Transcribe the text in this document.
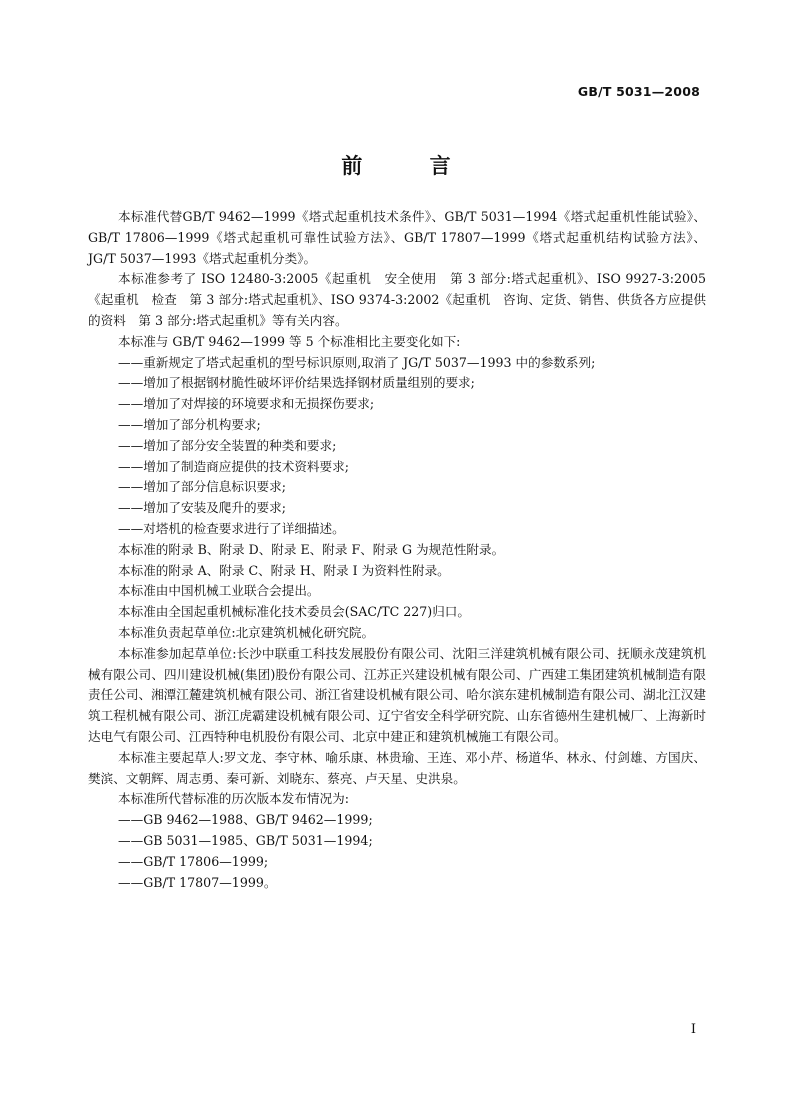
GB/T 5031—2008
前 言

本标准代替GB/T 9462—1999《塔式起重机技术条件》、GB/T 5031—1994《塔式起重机性能试验》、GB/T 17806—1999《塔式起重机可靠性试验方法》、GB/T 17807—1999《塔式起重机结构试验方法》、JG/T 5037—1993《塔式起重机分类》。

本标准参考了 ISO 12480-3:2005《起重机　安全使用　第 3 部分:塔式起重机》、ISO 9927-3:2005《起重机　检查　第 3 部分:塔式起重机》、ISO 9374-3:2002《起重机　咨询、定货、销售、供货各方应提供的资料　第 3 部分:塔式起重机》等有关内容。

本标准与 GB/T 9462—1999 等 5 个标准相比主要变化如下:

——重新规定了塔式起重机的型号标识原则,取消了 JG/T 5037—1993 中的参数系列;

——增加了根据钢材脆性破坏评价结果选择钢材质量组别的要求;

——增加了对焊接的环境要求和无损探伤要求;

——增加了部分机构要求;

——增加了部分安全装置的种类和要求;

——增加了制造商应提供的技术资料要求;

——增加了部分信息标识要求;

——增加了安装及爬升的要求;

——对塔机的检查要求进行了详细描述。

本标准的附录 B、附录 D、附录 E、附录 F、附录 G 为规范性附录。

本标准的附录 A、附录 C、附录 H、附录 I 为资料性附录。

本标准由中国机械工业联合会提出。

本标准由全国起重机械标准化技术委员会(SAC/TC 227)归口。

本标准负责起草单位:北京建筑机械化研究院。

本标准参加起草单位:长沙中联重工科技发展股份有限公司、沈阳三洋建筑机械有限公司、抚顺永茂建筑机械有限公司、四川建设机械(集团)股份有限公司、江苏正兴建设机械有限公司、广西建工集团建筑机械制造有限责任公司、湘潭江麓建筑机械有限公司、浙江省建设机械有限公司、哈尔滨东建机械制造有限公司、湖北江汉建筑工程机械有限公司、浙江虎霸建设机械有限公司、辽宁省安全科学研究院、山东省德州生建机械厂、上海新时达电气有限公司、江西特种电机股份有限公司、北京中建正和建筑机械施工有限公司。

本标准主要起草人:罗文龙、李守林、喻乐康、林贵瑜、王连、邓小芹、杨道华、林永、付剑雄、方国庆、樊滨、文朝辉、周志勇、秦可新、刘晓东、蔡亮、卢天星、史洪泉。

本标准所代替标准的历次版本发布情况为:

——GB 9462—1988、GB/T 9462—1999;

——GB 5031—1985、GB/T 5031—1994;

——GB/T 17806—1999;

——GB/T 17807—1999。

I
